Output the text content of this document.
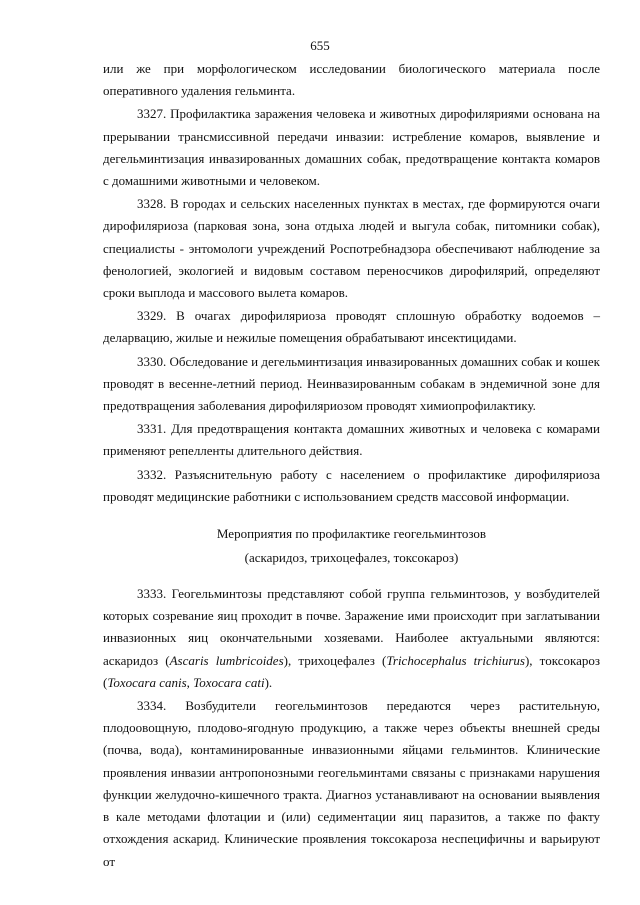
655

или же при морфологическом исследовании биологического материала после оперативного удаления гельминта.

3327. Профилактика заражения человека и животных дирофиляриями основана на прерывании трансмиссивной передачи инвазии: истребление комаров, выявление и дегельминтизация инвазированных домашних собак, предотвращение контакта комаров с домашними животными и человеком.

3328. В городах и сельских населенных пунктах в местах, где формируются очаги дирофиляриоза (парковая зона, зона отдыха людей и выгула собак, питомники собак), специалисты - энтомологи учреждений Роспотребнадзора обеспечивают наблюдение за фенологией, экологией и видовым составом переносчиков дирофилярий, определяют сроки выплода и массового вылета комаров.

3329. В очагах дирофиляриоза проводят сплошную обработку водоемов – деларвацию, жилые и нежилые помещения обрабатывают инсектицидами.

3330. Обследование и дегельминтизация инвазированных домашних собак и кошек проводят в весенне-летний период. Неинвазированным собакам в эндемичной зоне для предотвращения заболевания дирофиляриозом проводят химиопрофилактику.

3331. Для предотвращения контакта домашних животных и человека с комарами применяют репелленты длительного действия.

3332. Разъяснительную работу с населением о профилактике дирофиляриоза проводят медицинские работники с использованием средств массовой информации.

Мероприятия по профилактике геогельминтозов

(аскаридоз, трихоцефалез, токсокароз)

3333. Геогельминтозы представляют собой группа гельминтозов, у возбудителей которых созревание яиц проходит в почве. Заражение ими происходит при заглатывании инвазионных яиц окончательными хозяевами. Наиболее актуальными являются: аскаридоз (Ascaris lumbricoides), трихоцефалез (Trichocephalus trichiurus), токсокароз (Toxocara canis, Toxocara cati).

3334. Возбудители геогельминтозов передаются через растительную, плодоовощную, плодово-ягодную продукцию, а также через объекты внешней среды (почва, вода), контаминированные инвазионными яйцами гельминтов. Клинические проявления инвазии антропонозными геогельминтами связаны с признаками нарушения функции желудочно-кишечного тракта. Диагноз устанавливают на основании выявления в кале методами флотации и (или) седиментации яиц паразитов, а также по факту отхождения аскарид. Клинические проявления токсокароза неспецифичны и варьируют от
